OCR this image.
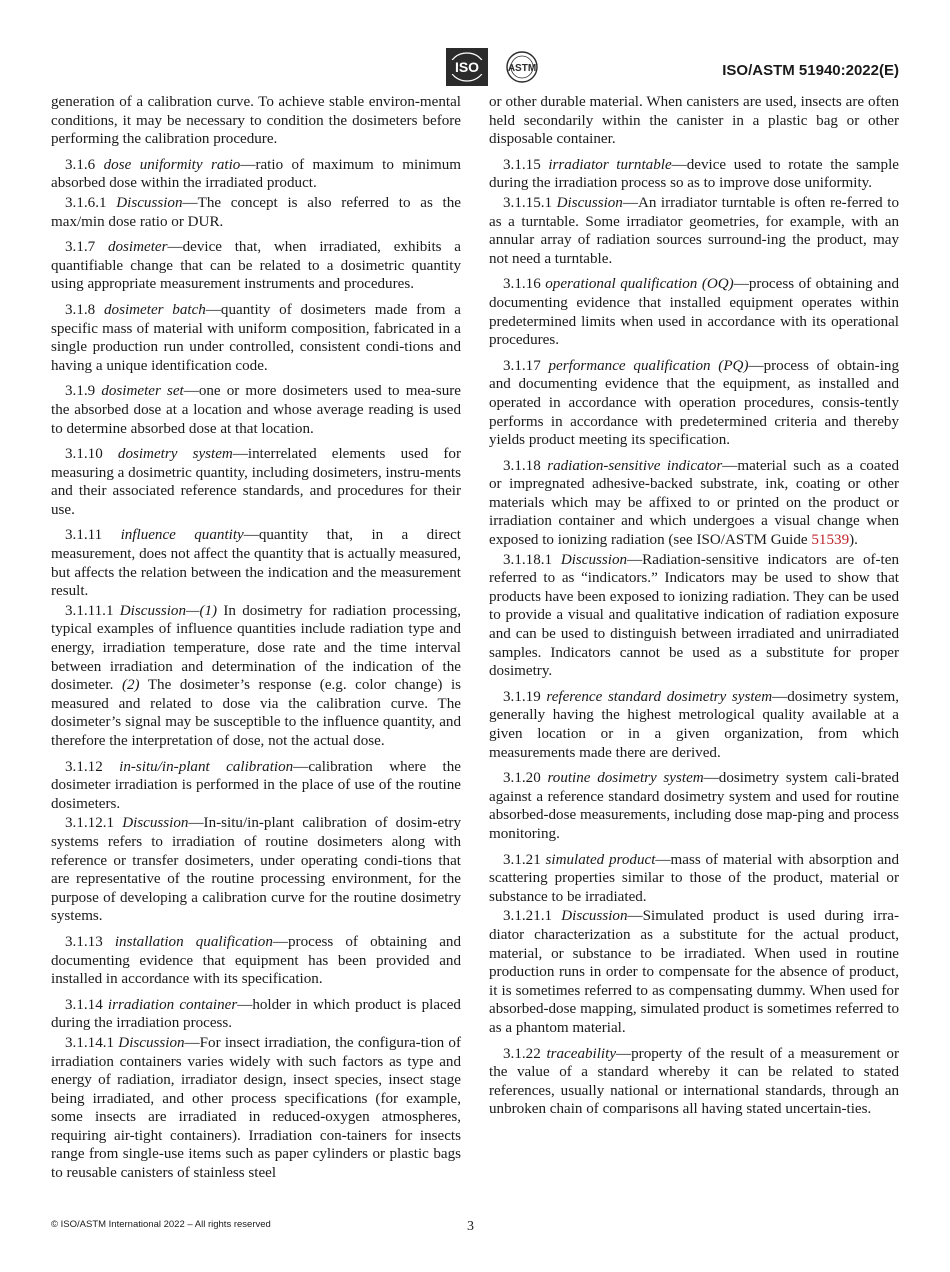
ISO	ASTM	ISO/ASTM 51940:2022(E)

generation of a calibration curve. To achieve stable environ-mental conditions, it may be necessary to condition the dosimeters before performing the calibration procedure.

3.1.6 dose uniformity ratio—ratio of maximum to minimum absorbed dose within the irradiated product.

3.1.6.1 Discussion—The concept is also referred to as the max/min dose ratio or DUR.

3.1.7 dosimeter—device that, when irradiated, exhibits a quantifiable change that can be related to a dosimetric quantity using appropriate measurement instruments and procedures.

3.1.8 dosimeter batch—quantity of dosimeters made from a specific mass of material with uniform composition, fabricated in a single production run under controlled, consistent condi-tions and having a unique identification code.

3.1.9 dosimeter set—one or more dosimeters used to mea-sure the absorbed dose at a location and whose average reading is used to determine absorbed dose at that location.

3.1.10 dosimetry system—interrelated elements used for measuring a dosimetric quantity, including dosimeters, instru-ments and their associated reference standards, and procedures for their use.

3.1.11 influence quantity—quantity that, in a direct measurement, does not affect the quantity that is actually measured, but affects the relation between the indication and the measurement result.

3.1.11.1 Discussion—(1) In dosimetry for radiation processing, typical examples of influence quantities include radiation type and energy, irradiation temperature, dose rate and the time interval between irradiation and determination of the indication of the dosimeter. (2) The dosimeter’s response (e.g. color change) is measured and related to dose via the calibration curve. The dosimeter’s signal may be susceptible to the influence quantity, and therefore the interpretation of dose, not the actual dose.

3.1.12 in-situ/in-plant calibration—calibration where the dosimeter irradiation is performed in the place of use of the routine dosimeters.

3.1.12.1 Discussion—In-situ/in-plant calibration of dosim-etry systems refers to irradiation of routine dosimeters along with reference or transfer dosimeters, under operating condi-tions that are representative of the routine processing environment, for the purpose of developing a calibration curve for the routine dosimetry systems.

3.1.13 installation qualification—process of obtaining and documenting evidence that equipment has been provided and installed in accordance with its specification.

3.1.14 irradiation container—holder in which product is placed during the irradiation process.

3.1.14.1 Discussion—For insect irradiation, the configura-tion of irradiation containers varies widely with such factors as type and energy of radiation, irradiator design, insect species, insect stage being irradiated, and other process specifications (for example, some insects are irradiated in reduced-oxygen atmospheres, requiring air-tight containers). Irradiation con-tainers for insects range from single-use items such as paper cylinders or plastic bags to reusable canisters of stainless steel

or other durable material. When canisters are used, insects are often held secondarily within the canister in a plastic bag or other disposable container.

3.1.15 irradiator turntable—device used to rotate the sample during the irradiation process so as to improve dose uniformity.

3.1.15.1 Discussion—An irradiator turntable is often re-ferred to as a turntable. Some irradiator geometries, for example, with an annular array of radiation sources surround-ing the product, may not need a turntable.

3.1.16 operational qualification (OQ)—process of obtaining and documenting evidence that installed equipment operates within predetermined limits when used in accordance with its operational procedures.

3.1.17 performance qualification (PQ)—process of obtain-ing and documenting evidence that the equipment, as installed and operated in accordance with operation procedures, consis-tently performs in accordance with predetermined criteria and thereby yields product meeting its specification.

3.1.18 radiation-sensitive indicator—material such as a coated or impregnated adhesive-backed substrate, ink, coating or other materials which may be affixed to or printed on the product or irradiation container and which undergoes a visual change when exposed to ionizing radiation (see ISO/ASTM Guide 51539).

3.1.18.1 Discussion—Radiation-sensitive indicators are of-ten referred to as “indicators.” Indicators may be used to show that products have been exposed to ionizing radiation. They can be used to provide a visual and qualitative indication of radiation exposure and can be used to distinguish between irradiated and unirradiated samples. Indicators cannot be used as a substitute for proper dosimetry.

3.1.19 reference standard dosimetry system—dosimetry system, generally having the highest metrological quality available at a given location or in a given organization, from which measurements made there are derived.

3.1.20 routine dosimetry system—dosimetry system cali-brated against a reference standard dosimetry system and used for routine absorbed-dose measurements, including dose map-ping and process monitoring.

3.1.21 simulated product—mass of material with absorption and scattering properties similar to those of the product, material or substance to be irradiated.

3.1.21.1 Discussion—Simulated product is used during irra-diator characterization as a substitute for the actual product, material, or substance to be irradiated. When used in routine production runs in order to compensate for the absence of product, it is sometimes referred to as compensating dummy. When used for absorbed-dose mapping, simulated product is sometimes referred to as a phantom material.

3.1.22 traceability—property of the result of a measurement or the value of a standard whereby it can be related to stated references, usually national or international standards, through an unbroken chain of comparisons all having stated uncertain-ties.

© ISO/ASTM International 2022 – All rights reserved	3
